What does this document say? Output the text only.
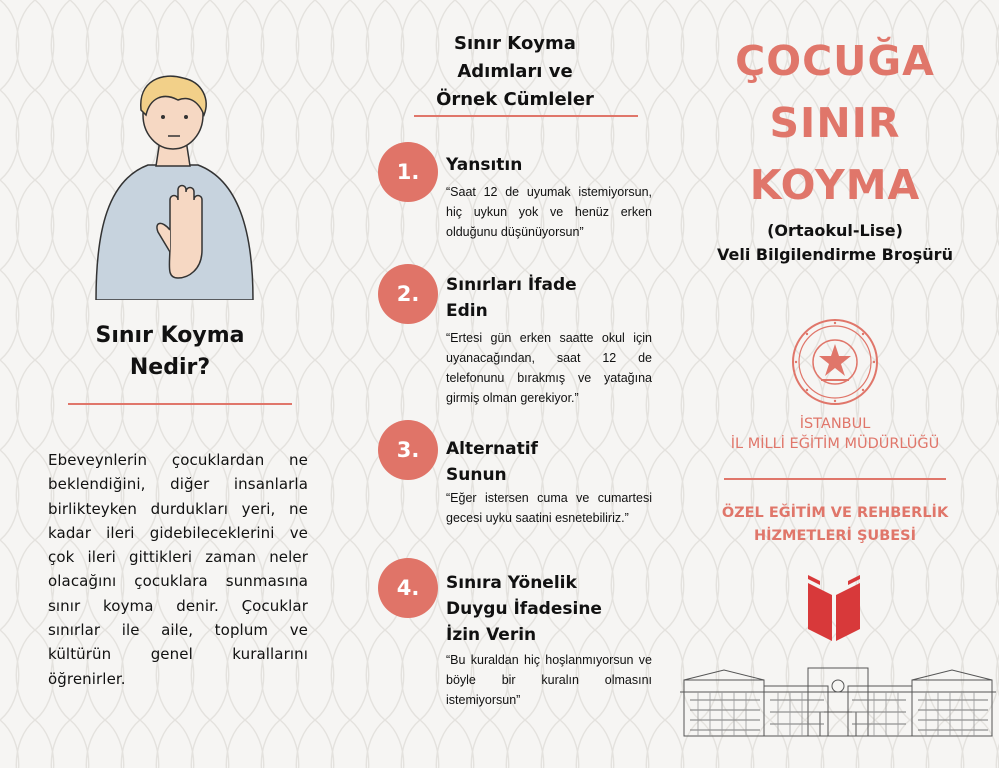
Sınır Koyma
Nedir?

Ebeveynlerin çocuklardan ne beklendiğini, diğer insanlarla birlikteyken durdukları yeri, ne kadar ileri gidebileceklerini ve çok ileri gittikleri zaman neler olacağını çocuklara sunmasına sınır koyma denir. Çocuklar sınırlar ile aile, toplum ve kültürün genel kurallarını öğrenirler.

Sınır Koyma
Adımları ve
Örnek Cümleler
1.	Yansıtın

“Saat 12 de uyumak istemiyorsun, hiç uykun yok ve henüz erken olduğunu düşünüyorsun”

2.	Sınırları İfade
Edin

“Ertesi gün erken saatte okul için uyanacağından, saat 12 de telefonunu bırakmış ve yatağına girmiş olman gerekiyor.”

3.	Alternatif
Sunun

“Eğer istersen cuma ve cumartesi gecesi uyku saatini esnetebiliriz.”

4.	Sınıra Yönelik
Duygu İfadesine
İzin Verin

“Bu kuraldan hiç hoşlanmıyorsun ve böyle bir kuralın olmasını istemiyorsun”

ÇOCUĞA
SINIR
KOYMA
(Ortaokul-Lise)
Veli Bilgilendirme Broşürü
İSTANBUL
İL MİLLİ EĞİTİM MÜDÜRLÜĞÜ
ÖZEL EĞİTİM VE REHBERLİK
HİZMETLERİ ŞUBESİ
